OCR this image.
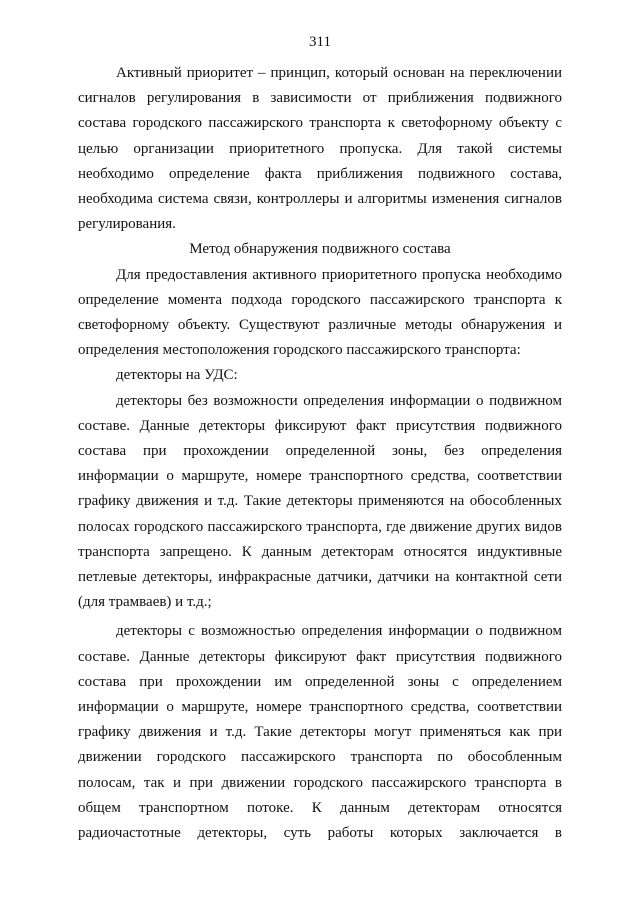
311

Активный приоритет – принцип, который основан на переключении сигналов регулирования в зависимости от приближения подвижного состава городского пассажирского транспорта к светофорному объекту с целью организации приоритетного пропуска. Для такой системы необходимо определение факта приближения подвижного состава, необходима система связи, контроллеры и алгоритмы изменения сигналов регулирования.

Метод обнаружения подвижного состава

Для предоставления активного приоритетного пропуска необходимо определение момента подхода городского пассажирского транспорта к светофорному объекту. Существуют различные методы обнаружения и определения местоположения городского пассажирского транспорта:

детекторы на УДС:

детекторы без возможности определения информации о подвижном составе. Данные детекторы фиксируют факт присутствия подвижного состава при прохождении определенной зоны, без определения информации о маршруте, номере транспортного средства, соответствии графику движения и т.д. Такие детекторы применяются на обособленных полосах городского пассажирского транспорта, где движение других видов транспорта запрещено. К данным детекторам относятся индуктивные петлевые детекторы, инфракрасные датчики, датчики на контактной сети (для трамваев) и т.д.;

детекторы с возможностью определения информации о подвижном составе. Данные детекторы фиксируют факт присутствия подвижного состава при прохождении им определенной зоны с определением информации о маршруте, номере транспортного средства, соответствии графику движения и т.д. Такие детекторы могут применяться как при движении городского пассажирского транспорта по обособленным полосам, так и при движении городского пассажирского транспорта в общем транспортном потоке. К данным детекторам относятся радиочастотные детекторы, суть работы которых заключается в
